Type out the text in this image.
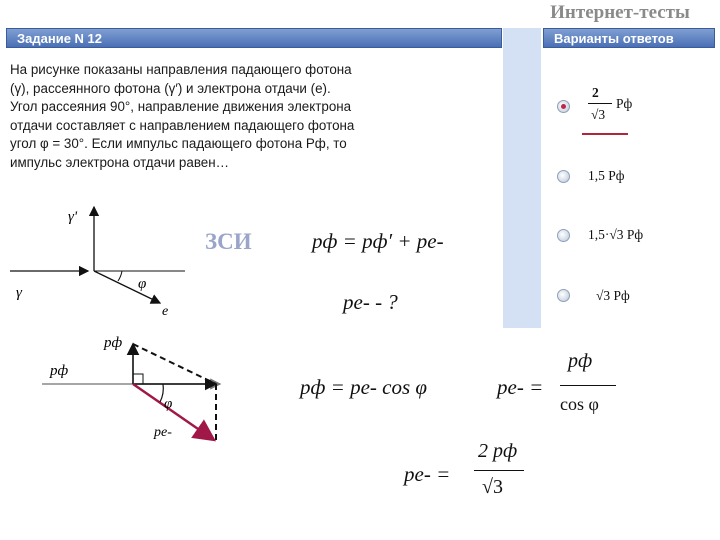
Интернет-тесты
Задание N 12	Варианты ответов
На рисунке показаны направления падающего фотона
(γ), рассеянного фотона (γ′) и электрона отдачи (e).
Угол рассеяния 90°, направление движения электрона
отдачи составляет с направлением падающего фотона
угол φ = 30°. Если импульс падающего фотона Pф, то
импульс электрона отдачи равен…
2
√3
Pф
1,5 Pф
1,5·√3 Pф
√3 Pф
ЗСИ
γ'
γ
φ
e
pф
pф
φ
pe-
pф = pф′ + pe-
pe- - ?
pф = pe- cos φ	pe- =
pф
cos φ
pe- =
2 pф
√3
